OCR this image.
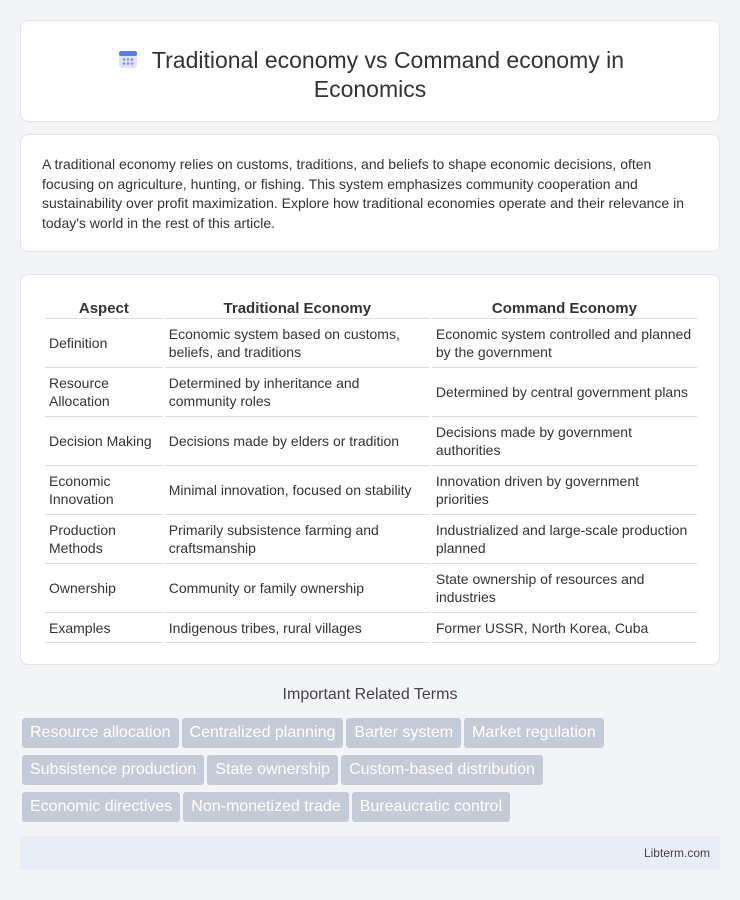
Traditional economy vs Command economy in Economics

A traditional economy relies on customs, traditions, and beliefs to shape economic decisions, often focusing on agriculture, hunting, or fishing. This system emphasizes community cooperation and sustainability over profit maximization. Explore how traditional economies operate and their relevance in today's world in the rest of this article.

Aspect	Traditional Economy	Command Economy
Definition	Economic system based on customs, beliefs, and traditions	Economic system controlled and planned by the government
Resource Allocation	Determined by inheritance and community roles	Determined by central government plans
Decision Making	Decisions made by elders or tradition	Decisions made by government authorities
Economic Innovation	Minimal innovation, focused on stability	Innovation driven by government priorities
Production Methods	Primarily subsistence farming and craftsmanship	Industrialized and large-scale production planned
Ownership	Community or family ownership	State ownership of resources and industries
Examples	Indigenous tribes, rural villages	Former USSR, North Korea, Cuba
Important Related Terms
Resource allocation Centralized planning Barter system Market regulation
Subsistence production State ownership Custom-based distribution
Economic directives Non-monetized trade Bureaucratic control
Libterm.com
